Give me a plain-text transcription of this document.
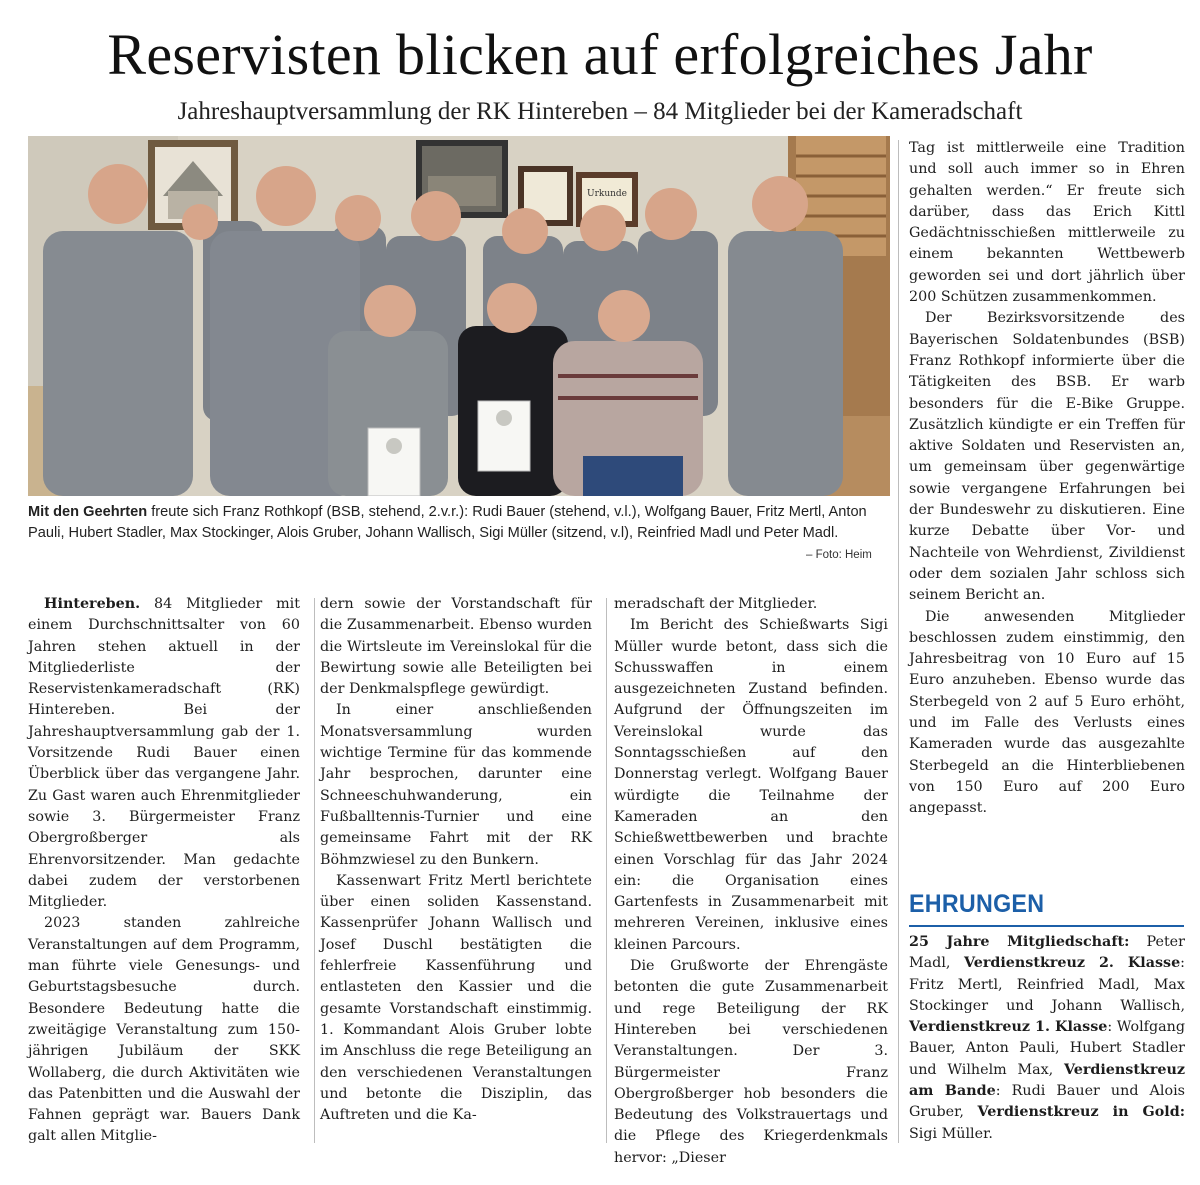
Reservisten blicken auf erfolgreiches Jahr
Jahreshauptversammlung der RK Hintereben – 84 Mitglieder bei der Kameradschaft
Urkunde
Mit den Geehrten freute sich Franz Rothkopf (BSB, stehend, 2.v.r.): Rudi Bauer (stehend, v.l.), Wolfgang Bauer, Fritz Mertl, Anton Pauli, Hubert Stadler, Max Stockinger, Alois Gruber, Johann Wallisch, Sigi Müller (sitzend, v.l), Reinfried Madl und Peter Madl.
– Foto: Heim

Hintereben. 84 Mitglieder mit einem Durchschnittsalter von 60 Jahren stehen aktuell in der Mitgliederliste der Reservistenkameradschaft (RK) Hintereben. Bei der Jahreshauptversammlung gab der 1. Vorsitzende Rudi Bauer einen Überblick über das vergangene Jahr. Zu Gast waren auch Ehrenmitglieder sowie 3. Bürgermeister Franz Obergroßberger als Ehrenvorsitzender. Man gedachte dabei zudem der verstorbenen Mitglieder.

2023 standen zahlreiche Veranstaltungen auf dem Programm, man führte viele Genesungs- und Geburtstagsbesuche durch. Besondere Bedeutung hatte die zweitägige Veranstaltung zum 150-jährigen Jubiläum der SKK Wollaberg, die durch Aktivitäten wie das Patenbitten und die Auswahl der Fahnen geprägt war. Bauers Dank galt allen Mitglie-

dern sowie der Vorstandschaft für die Zusammenarbeit. Ebenso wurden die Wirtsleute im Vereinslokal für die Bewirtung sowie alle Beteiligten bei der Denkmalspflege gewürdigt.

In einer anschließenden Monatsversammlung wurden wichtige Termine für das kommende Jahr besprochen, darunter eine Schneeschuhwanderung, ein Fußballtennis-Turnier und eine gemeinsame Fahrt mit der RK Böhmzwiesel zu den Bunkern.

Kassenwart Fritz Mertl berichtete über einen soliden Kassenstand. Kassenprüfer Johann Wallisch und Josef Duschl bestätigten die fehlerfreie Kassenführung und entlasteten den Kassier und die gesamte Vorstandschaft einstimmig. 1. Kommandant Alois Gruber lobte im Anschluss die rege Beteiligung an den verschiedenen Veranstaltungen und betonte die Disziplin, das Auftreten und die Ka-

meradschaft der Mitglieder.

Im Bericht des Schießwarts Sigi Müller wurde betont, dass sich die Schusswaffen in einem ausgezeichneten Zustand befinden. Aufgrund der Öffnungszeiten im Vereinslokal wurde das Sonntagsschießen auf den Donnerstag verlegt. Wolfgang Bauer würdigte die Teilnahme der Kameraden an den Schießwettbewerben und brachte einen Vorschlag für das Jahr 2024 ein: die Organisation eines Gartenfests in Zusammenarbeit mit mehreren Vereinen, inklusive eines kleinen Parcours.

Die Grußworte der Ehrengäste betonten die gute Zusammenarbeit und rege Beteiligung der RK Hintereben bei verschiedenen Veranstaltungen. Der 3. Bürgermeister Franz Obergroßberger hob besonders die Bedeutung des Volkstrauertags und die Pflege des Kriegerdenkmals hervor: „Dieser

Tag ist mittlerweile eine Tradition und soll auch immer so in Ehren gehalten werden.“ Er freute sich darüber, dass das Erich Kittl Gedächtnisschießen mittlerweile zu einem bekannten Wettbewerb geworden sei und dort jährlich über 200 Schützen zusammenkommen.

Der Bezirksvorsitzende des Bayerischen Soldatenbundes (BSB) Franz Rothkopf informierte über die Tätigkeiten des BSB. Er warb besonders für die E-Bike Gruppe. Zusätzlich kündigte er ein Treffen für aktive Soldaten und Reservisten an, um gemeinsam über gegenwärtige sowie vergangene Erfahrungen bei der Bundeswehr zu diskutieren. Eine kurze Debatte über Vor- und Nachteile von Wehrdienst, Zivildienst oder dem sozialen Jahr schloss sich seinem Bericht an.

Die anwesenden Mitglieder beschlossen zudem einstimmig, den Jahresbeitrag von 10 Euro auf 15 Euro anzuheben. Ebenso wurde das Sterbegeld von 2 auf 5 Euro erhöht, und im Falle des Verlusts eines Kameraden wurde das ausgezahlte Sterbegeld an die Hinterbliebenen von 150 Euro auf 200 Euro angepasst.

EHRUNGEN

25 Jahre Mitgliedschaft: Peter Madl, Verdienstkreuz 2. Klasse: Fritz Mertl, Reinfried Madl, Max Stockinger und Johann Wallisch, Verdienstkreuz 1. Klasse: Wolfgang Bauer, Anton Pauli, Hubert Stadler und Wilhelm Max, Verdienstkreuz am Bande: Rudi Bauer und Alois Gruber, Verdienstkreuz in Gold: Sigi Müller.
